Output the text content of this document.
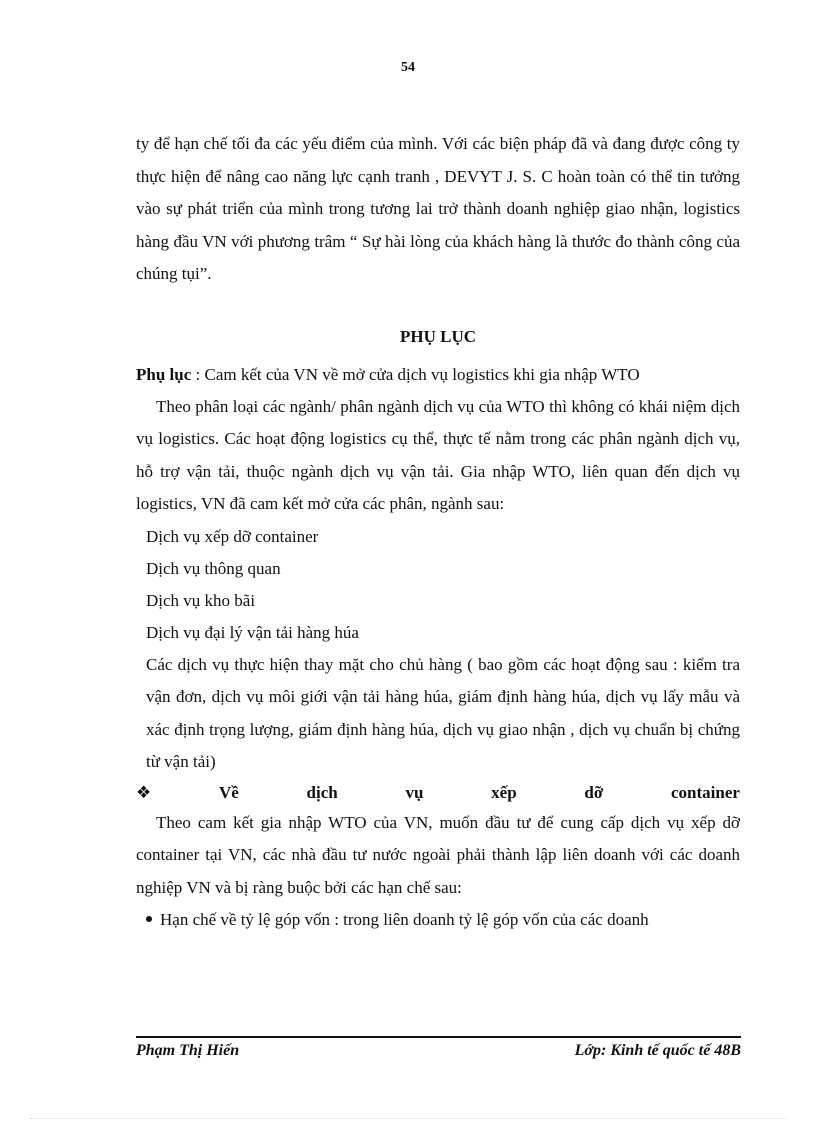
54

ty để hạn chế tối đa các yếu điểm của mình. Với các biện pháp đã và đang được công ty thực hiện để nâng cao năng lực cạnh tranh , DEVYT J. S. C hoàn toàn có thể tin tưởng vào sự phát triển của mình trong tương lai trở thành doanh nghiệp giao nhận, logistics hàng đầu VN với phương trâm “ Sự hài lòng của khách hàng là thước đo thành công của chúng tụi”.

PHỤ LỤC

Phụ lục : Cam kết của VN về mở cửa dịch vụ logistics khi gia nhập WTO

Theo phân loại các ngành/ phân ngành dịch vụ của WTO thì không có khái niệm dịch vụ logistics. Các hoạt động logistics cụ thể, thực tế nằm trong các phân ngành dịch vụ, hỗ trợ vận tải, thuộc ngành dịch vụ vận tải. Gia nhập WTO, liên quan đến dịch vụ logistics, VN đã cam kết mở cửa các phân, ngành sau:

Dịch vụ xếp dỡ container

Dịch vụ thông quan

Dịch vụ kho bãi

Dịch vụ đại lý vận tải hàng húa

Các dịch vụ thực hiện thay mặt cho chủ hàng ( bao gồm các hoạt động sau : kiểm tra vận đơn, dịch vụ môi giới vận tải hàng húa, giám định hàng húa, dịch vụ lấy mẫu và xác định trọng lượng, giám định hàng húa, dịch vụ giao nhận , dịch vụ chuẩn bị chứng từ vận tải)

❖	Về	dịch	vụ	xếp	dỡ	container

Theo cam kết gia nhập WTO của VN, muốn đầu tư để cung cấp dịch vụ xếp dỡ container tại VN, các nhà đầu tư nước ngoài phải thành lập liên doanh với các doanh nghiệp VN và bị ràng buộc bởi các hạn chế sau:

Hạn chế về tỷ lệ góp vốn : trong liên doanh tỷ lệ góp vốn của các doanh

Phạm Thị Hiến	Lớp: Kinh tế quốc tế 48B
